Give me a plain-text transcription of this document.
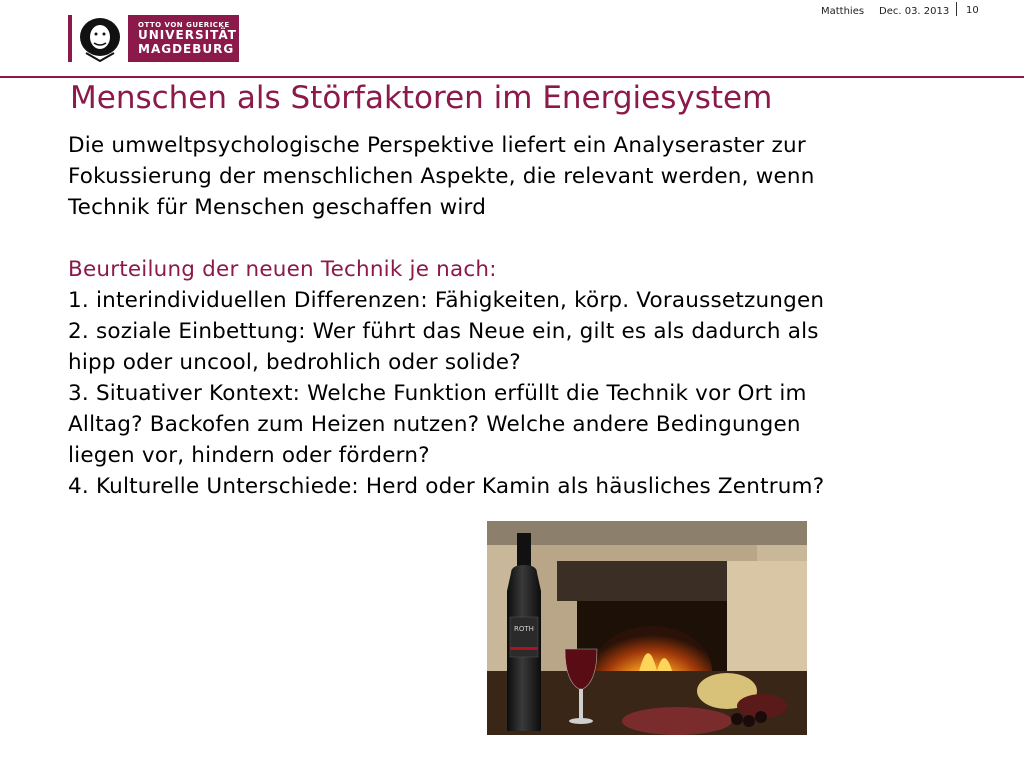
OTTO VON GUERICKE
UNIVERSITÄT
MAGDEBURG
Matthies Dec. 03. 2013 10
Menschen als Störfaktoren im Energiesystem

Die umweltpsychologische Perspektive liefert ein Analyseraster zur

Fokussierung der menschlichen Aspekte, die relevant werden, wenn

Technik für Menschen geschaffen wird

Beurteilung der neuen Technik je nach:

1. interindividuellen Differenzen: Fähigkeiten, körp. Voraussetzungen

2. soziale Einbettung: Wer führt das Neue ein, gilt es als dadurch als

hipp oder uncool, bedrohlich oder solide?

3. Situativer Kontext: Welche Funktion erfüllt die Technik vor Ort im

Alltag? Backofen zum Heizen nutzen? Welche andere Bedingungen

liegen vor, hindern oder fördern?

4. Kulturelle Unterschiede: Herd oder Kamin als häusliches Zentrum?

ROTH
